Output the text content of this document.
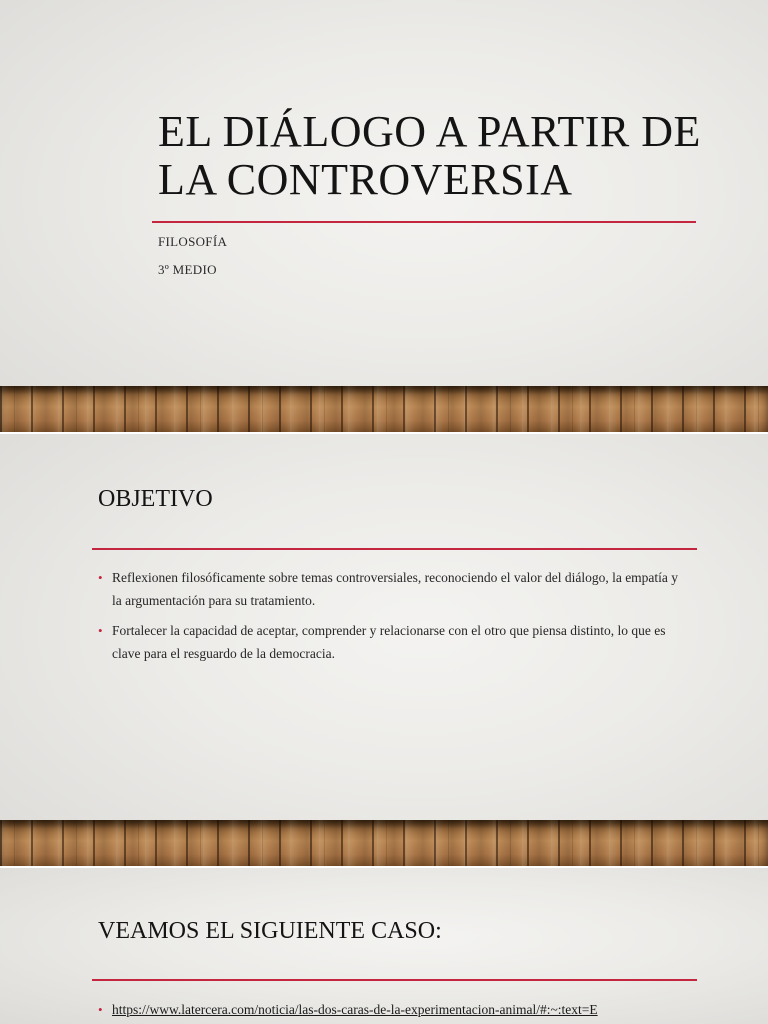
EL DIÁLOGO A PARTIR DE LA CONTROVERSIA
FILOSOFÍA
3º MEDIO
OBJETIVO
• Reflexionen filosóficamente sobre temas controversiales, reconociendo el valor del diálogo, la empatía y la argumentación para su tratamiento.
• Fortalecer la capacidad de aceptar, comprender y relacionarse con el otro que piensa distinto, lo que es clave para el resguardo de la democracia.
VEAMOS EL SIGUIENTE CASO:
• https://www.latercera.com/noticia/las-dos-caras-de-la-experimentacion-animal/#:~:text=E
